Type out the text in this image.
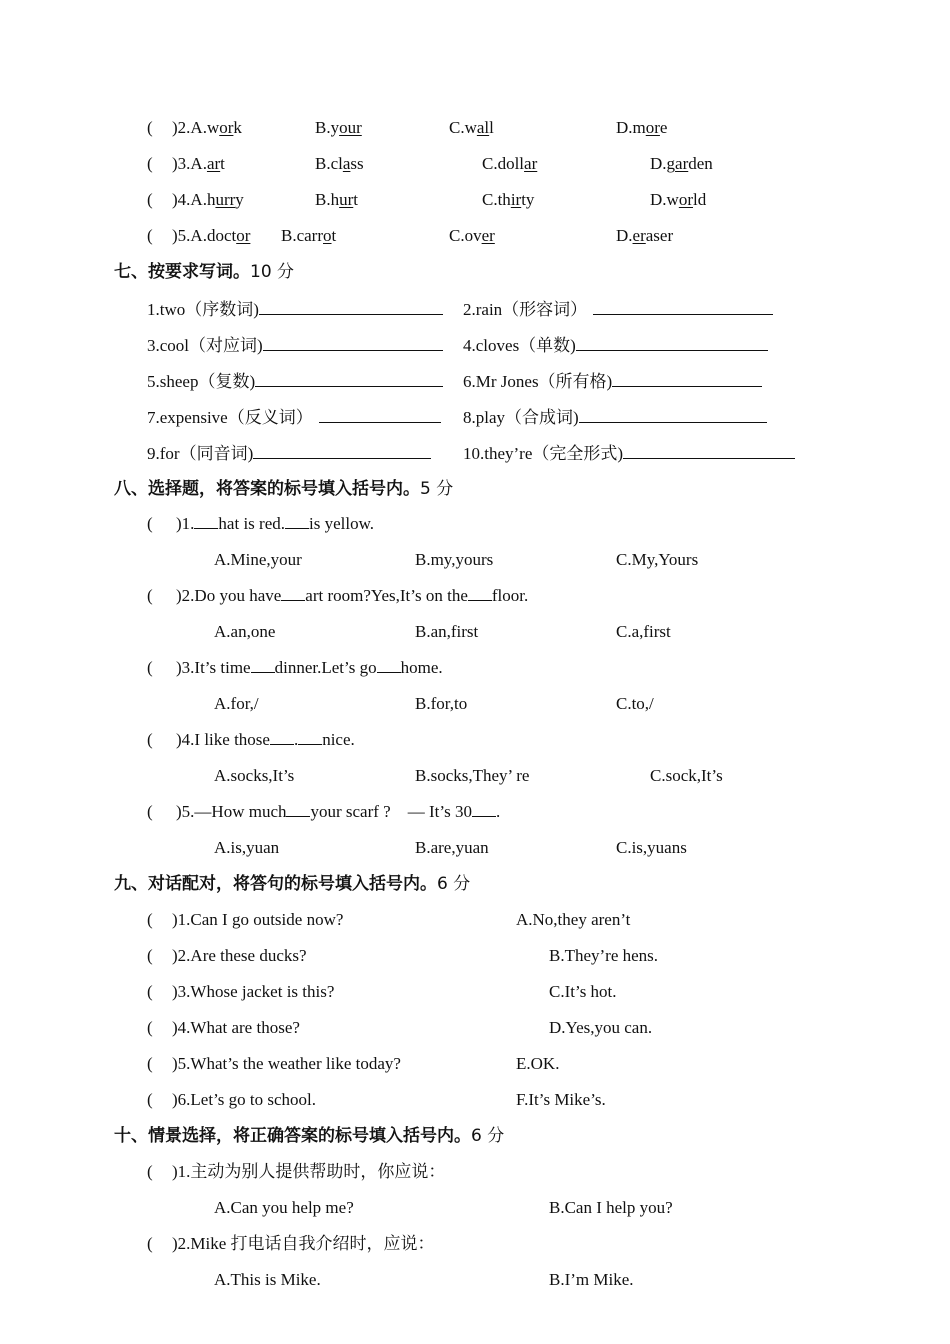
( )2.A.work	B.your	C.wall	D.more
( )3.A.art	B.class	C.dollar	D.garden
( )4.A.hurry	B.hurt	C.thirty	D.world
( )5.A.doctor B.carrot	C.over	D.eraser
七、按要求写词。10 分
1.two（序数词)	2.rain（形容词）
3.cool（对应词)	4.cloves（单数)
5.sheep（复数)	6.Mr Jones（所有格)
7.expensive（反义词）	8.play（合成词)
9.for（同音词)	10.they’re（完全形式)
八、选择题，将答案的标号填入括号内。5 分
( )1. hat is red. is yellow.
A.Mine,your	B.my,yours	C.My,Yours
( )2.Do you have art room?Yes,It’s on the floor.
A.an,one	B.an,first	C.a,first
( )3.It’s time dinner.Let’s go home.
A.for,/	B.for,to	C.to,/
( )4.I like those . nice.
A.socks,It’s	B.socks,They’ re	C.sock,It’s
( )5.—How much your scarf ?　— It’s 30 .
A.is,yuan	B.are,yuan	C.is,yuans
九、对话配对，将答句的标号填入括号内。6 分
( )1.Can I go outside now?	A.No,they aren’t
( )2.Are these ducks?	B.They’re hens.
( )3.Whose jacket is this?	C.It’s hot.
( )4.What are those?	D.Yes,you can.
( )5.What’s the weather like today?	E.OK.
( )6.Let’s go to school.	F.It’s Mike’s.
十、情景选择，将正确答案的标号填入括号内。6 分
( )1.主动为别人提供帮助时，你应说：
A.Can you help me?	B.Can I help you?
( )2.Mike 打电话自我介绍时，应说：
A.This is Mike.	B.I’m Mike.
